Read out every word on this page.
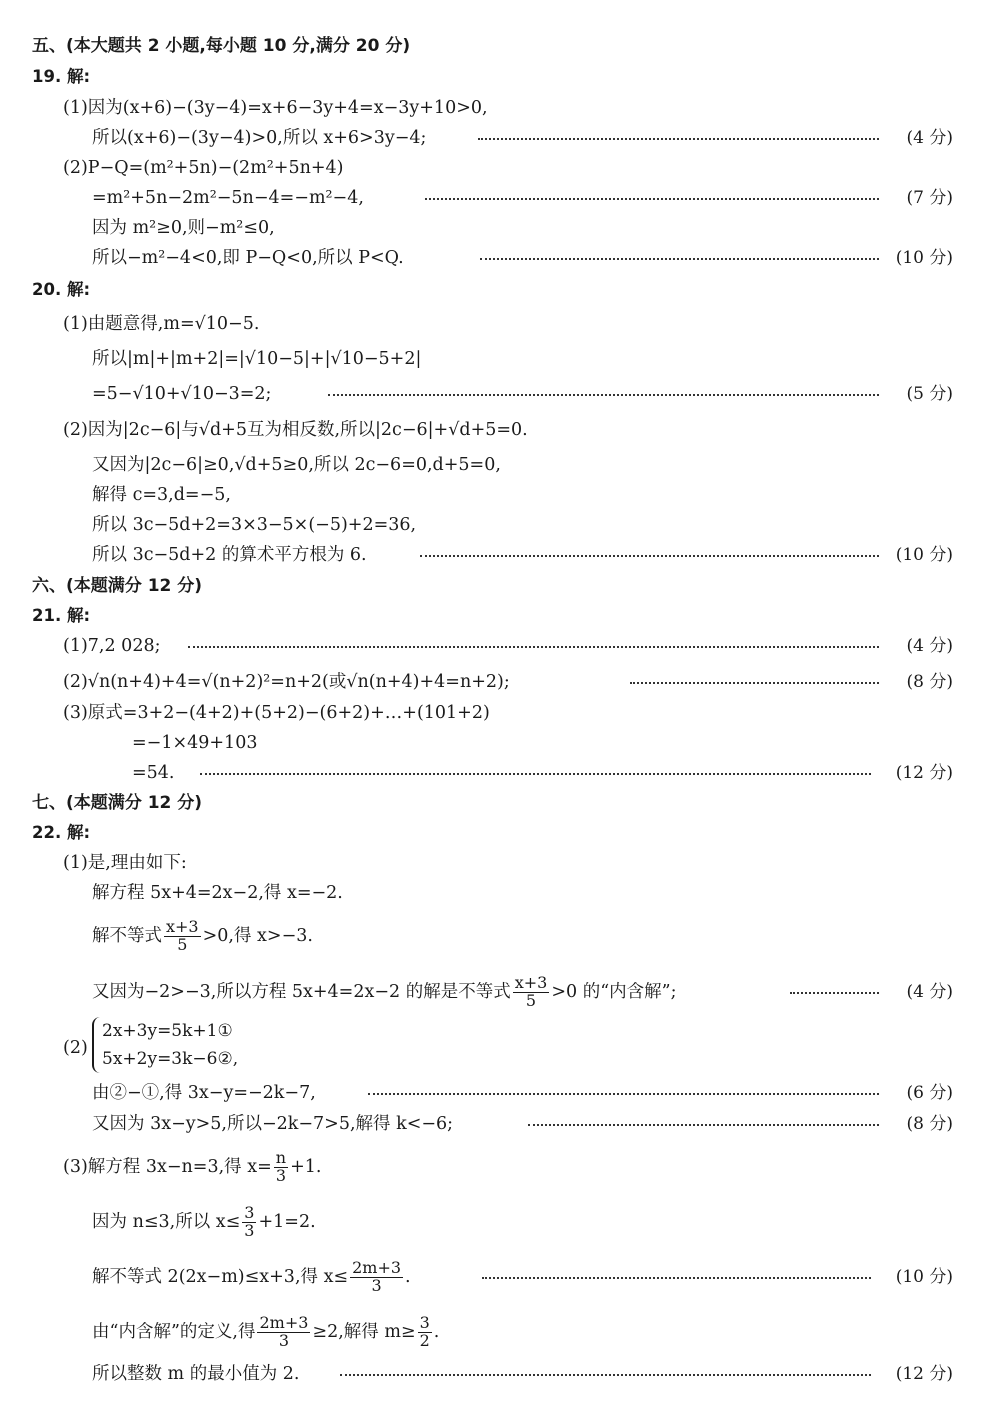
五、(本大题共 2 小题,每小题 10 分,满分 20 分)
19. 解:
(1)因为(x+6)−(3y−4)=x+6−3y+4=x−3y+10>0,
所以(x+6)−(3y−4)>0,所以 x+6>3y−4;	(4 分)
(2)P−Q=(m²+5n)−(2m²+5n+4)
=m²+5n−2m²−5n−4=−m²−4,	(7 分)
因为 m²≥0,则−m²≤0,
所以−m²−4<0,即 P−Q<0,所以 P<Q.	(10 分)
20. 解:
(1)由题意得,m=√10−5.
所以|m|+|m+2|=|√10−5|+|√10−5+2|
=5−√10+√10−3=2;	(5 分)
(2)因为|2c−6|与√d+5互为相反数,所以|2c−6|+√d+5=0.
又因为|2c−6|≥0,√d+5≥0,所以 2c−6=0,d+5=0,
解得 c=3,d=−5,
所以 3c−5d+2=3×3−5×(−5)+2=36,
所以 3c−5d+2 的算术平方根为 6.	(10 分)
六、(本题满分 12 分)
21. 解:
(1)7,2 028;	(4 分)
(2)√n(n+4)+4=√(n+2)²=n+2(或√n(n+4)+4=n+2);	(8 分)
(3)原式=3+2−(4+2)+(5+2)−(6+2)+…+(101+2)
=−1×49+103
=54.	(12 分)
七、(本题满分 12 分)
22. 解:
(1)是,理由如下:
解方程 5x+4=2x−2,得 x=−2.
解不等式 $\frac{x+3}{5} >0$,得 x>−3.
又因为−2>−3,所以方程 5x+4=2x−2 的解是不等式 $\frac{x+3}{5} >0$ 的“内含解”;	(4 分)
(2)
2x+3y=5k+1①
5x+2y=3k−6②,
由②−①,得 3x−y=−2k−7,	(6 分)
又因为 3x−y>5,所以−2k−7>5,解得 k<−6;	(8 分)
(3)解方程 3x−n=3,得 $x= \frac{n}{3} +1$.
因为 n≤3,所以 $x\le \frac{3}{3} +1=2$.
解不等式 2(2x−m)≤x+3,得 $x\le \frac{2m+3}{3}$ .	(10 分)
由“内含解”的定义,得 $\frac{2m+3}{3} \ge 2$,解得 $m\ge \frac{3}{2}$ .
所以整数 m 的最小值为 2.	(12 分)
